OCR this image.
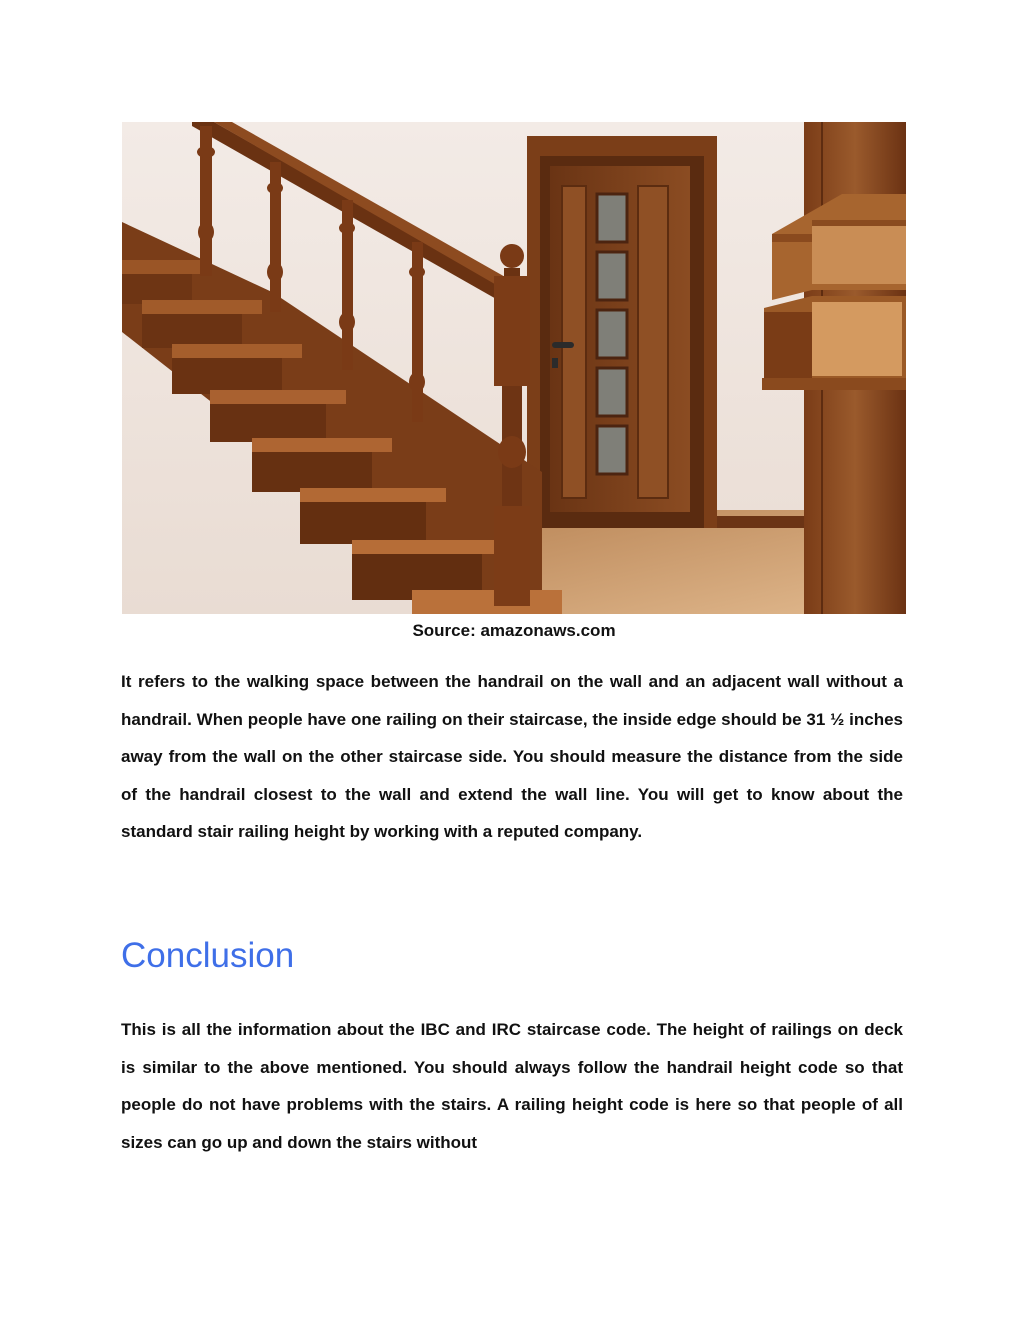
Source: amazonaws.com

It refers to the walking space between the handrail on the wall and an adjacent wall without a handrail. When people have one railing on their staircase, the inside edge should be 31 ½ inches away from the wall on the other staircase side. You should measure the distance from the side of the handrail closest to the wall and extend the wall line. You will get to know about the standard stair railing height by working with a reputed company.

Conclusion

This is all the information about the IBC and IRC staircase code. The height of railings on deck is similar to the above mentioned. You should always follow the handrail height code so that people do not have problems with the stairs. A railing height code is here so that people of all sizes can go up and down the stairs without
